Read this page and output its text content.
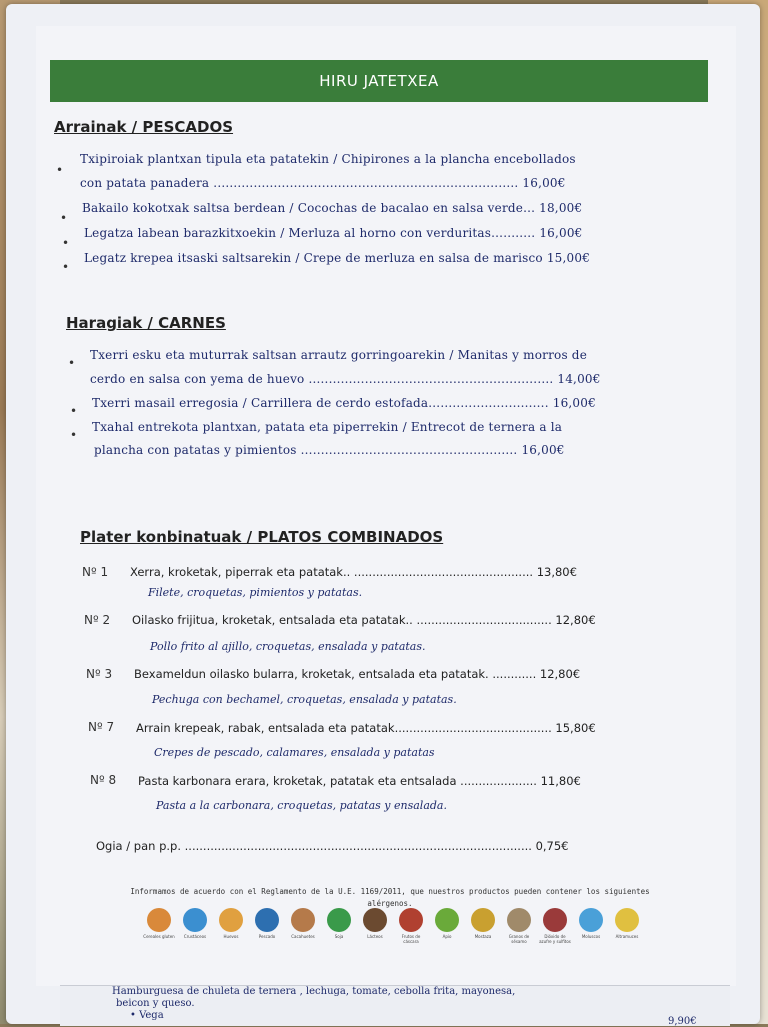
HIRU JATETXEA
Arrainak / PESCADOS
•
Txipiroiak plantxan tipula eta patatekin / Chipirones a la plancha encebollados
con patata panadera ............................................................................ 16,00€
•
Bakailo kokotxak saltsa berdean / Cocochas de bacalao en salsa verde... 18,00€
•
Legatza labean barazkitxoekin / Merluza al horno con verduritas........... 16,00€
•
Legatz krepea itsaski saltsarekin / Crepe de merluza en salsa de marisco 15,00€
Haragiak / CARNES
•
Txerri esku eta muturrak saltsan arrautz gorringoarekin / Manitas y morros de
cerdo en salsa con yema de huevo ............................................................. 14,00€
•
Txerri masail erregosia / Carrillera de cerdo estofada.............................. 16,00€
•
Txahal entrekota plantxan, patata eta piperrekin / Entrecot de ternera a la
plancha con patatas y pimientos ...................................................... 16,00€
Plater konbinatuak / PLATOS COMBINADOS
Nº 1 Xerra, kroketak, piperrak eta patatak.. ................................................. 13,80€
Filete, croquetas, pimientos y patatas.
Nº 2 Oilasko frijitua, kroketak, entsalada eta patatak.. ..................................... 12,80€
Pollo frito al ajillo, croquetas, ensalada y patatas.
Nº 3 Bexameldun oilasko bularra, kroketak, entsalada eta patatak. ............ 12,80€
Pechuga con bechamel, croquetas, ensalada y patatas.
Nº 7 Arrain krepeak, rabak, entsalada eta patatak........................................... 15,80€
Crepes de pescado, calamares, ensalada y patatas
Nº 8 Pasta karbonara erara, kroketak, patatak eta entsalada ..................... 11,80€
Pasta a la carbonara, croquetas, patatas y ensalada.
Ogia / pan p.p. ............................................................................................... 0,75€
Informamos de acuerdo con el Reglamento de la U.E. 1169/2011, que nuestros productos pueden contener los siguientes alérgenos.
Cereales gluten	Crustáceos	Huevos	Pescado	Cacahuetes	Soja	Lácteos	Frutos de cáscara
Apio	Mostaza	Granos de sésamo
Dióxido de azufre y sulfitos
Moluscos	Altramuces
Hamburguesa de chuleta de ternera , lechuga, tomate, cebolla frita, mayonesa,
beicon y queso.
• Vega
9,90€
